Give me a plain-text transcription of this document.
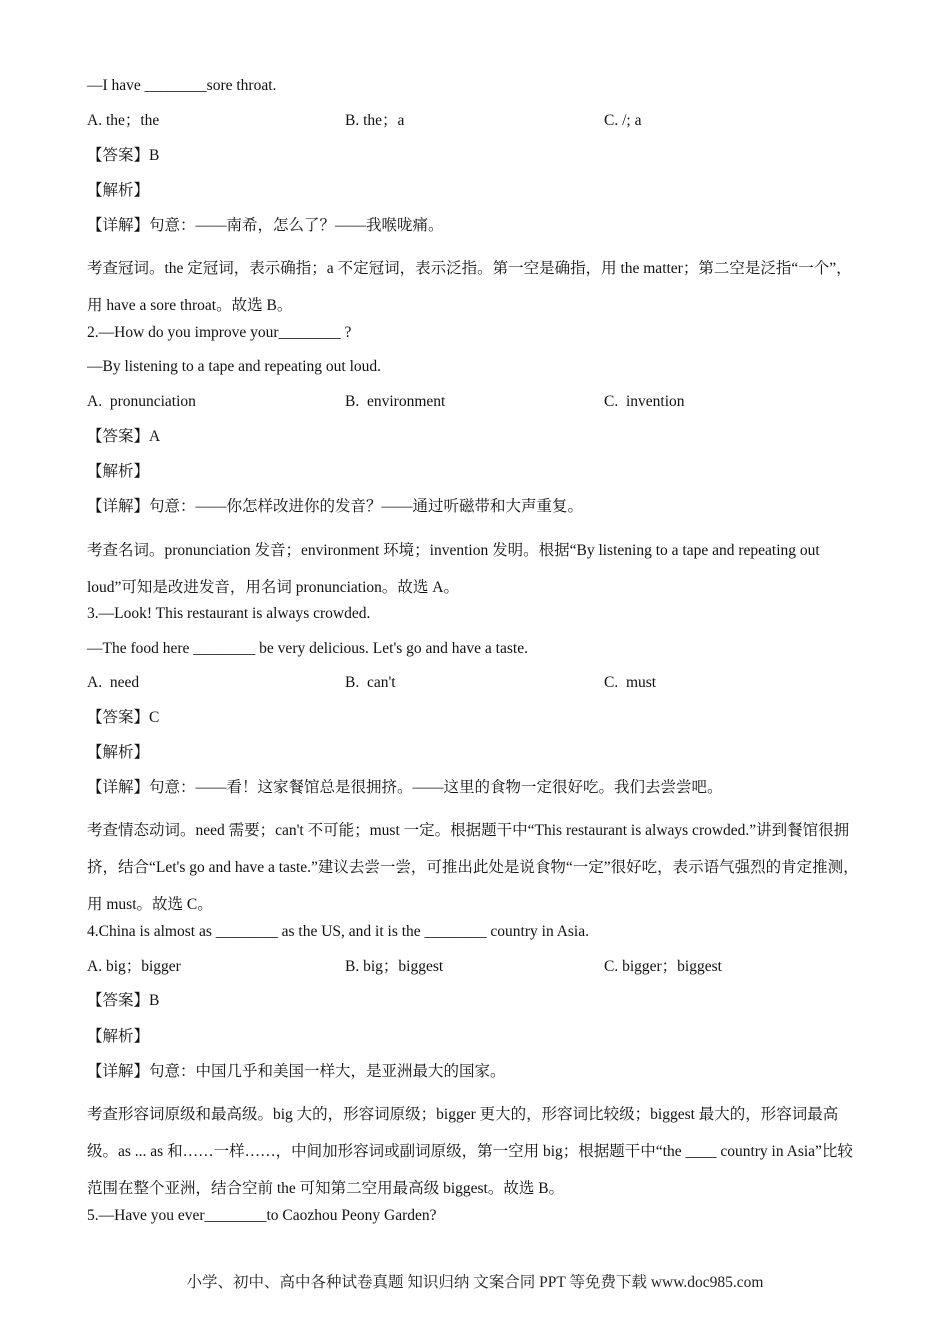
—I have ________sore throat.
A. the；the	B. the；a	C. /; a
【答案】B
【解析】
【详解】句意：——南希，怎么了？——我喉咙痛。
考查冠词。the 定冠词，表示确指；a 不定冠词，表示泛指。第一空是确指，用 the matter；第二空是泛指“一个”，用 have a sore throat。故选 B。
2.—How do you improve your________ ?
—By listening to a tape and repeating out loud.
A. pronunciation	B. environment	C. invention
【答案】A
【解析】
【详解】句意：——你怎样改进你的发音？——通过听磁带和大声重复。
考查名词。pronunciation 发音；environment 环境；invention 发明。根据“By listening to a tape and repeating out loud”可知是改进发音，用名词 pronunciation。故选 A。
3.—Look! This restaurant is always crowded.
—The food here ________ be very delicious. Let's go and have a taste.
A. need	B. can't	C. must
【答案】C
【解析】
【详解】句意：——看！这家餐馆总是很拥挤。——这里的食物一定很好吃。我们去尝尝吧。
考查情态动词。need 需要；can't 不可能；must 一定。根据题干中“This restaurant is always crowded.”讲到餐馆很拥挤，结合“Let's go and have a taste.”建议去尝一尝，可推出此处是说食物“一定”很好吃，表示语气强烈的肯定推测，用 must。故选 C。
4.China is almost as ________ as the US, and it is the ________ country in Asia.
A. big；bigger	B. big；biggest	C. bigger；biggest
【答案】B
【解析】
【详解】句意：中国几乎和美国一样大，是亚洲最大的国家。
考查形容词原级和最高级。big 大的，形容词原级；bigger 更大的，形容词比较级；biggest 最大的，形容词最高级。as ... as 和……一样……，中间加形容词或副词原级，第一空用 big；根据题干中“the ____ country in Asia”比较范围在整个亚洲，结合空前 the 可知第二空用最高级 biggest。故选 B。
5.—Have you ever________to Caozhou Peony Garden?
小学、初中、高中各种试卷真题 知识归纳 文案合同 PPT 等免费下载 www.doc985.com
